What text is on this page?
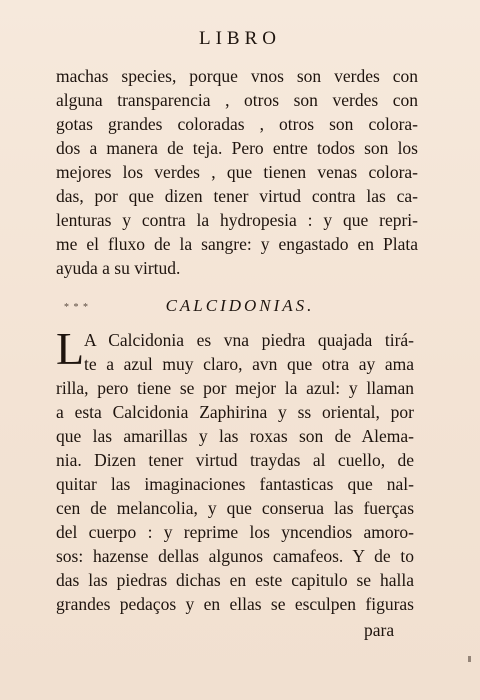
LIBRO
machas species, porque vnos son verdes con
alguna transparencia , otros son verdes con
gotas grandes coloradas , otros son colora-
dos a manera de teja. Pero entre todos son los
mejores los verdes , que tienen venas colora-
das, por que dizen tener virtud contra las ca-
lenturas y contra la hydropesia : y que repri-
me el fluxo de la sangre: y engastado en Plata
ayuda a su virtud.
* * *	CALCIDONIAS.
L A Calcidonia es vna piedra quajada tirá-
te a azul muy claro, avn que otra ay ama
rilla, pero tiene se por mejor la azul: y llaman
a esta Calcidonia Zaphirina y ss oriental, por
que las amarillas y las roxas son de Alema-
nia. Dizen tener virtud traydas al cuello, de
quitar las imaginaciones fantasticas que nal-
cen de melancolia, y que conserua las fuerças
del cuerpo : y reprime los yncendios amoro-
sos: hazense dellas algunos camafeos. Y de to
das las piedras dichas en este capitulo se halla
grandes pedaços y en ellas se esculpen figuras
para
